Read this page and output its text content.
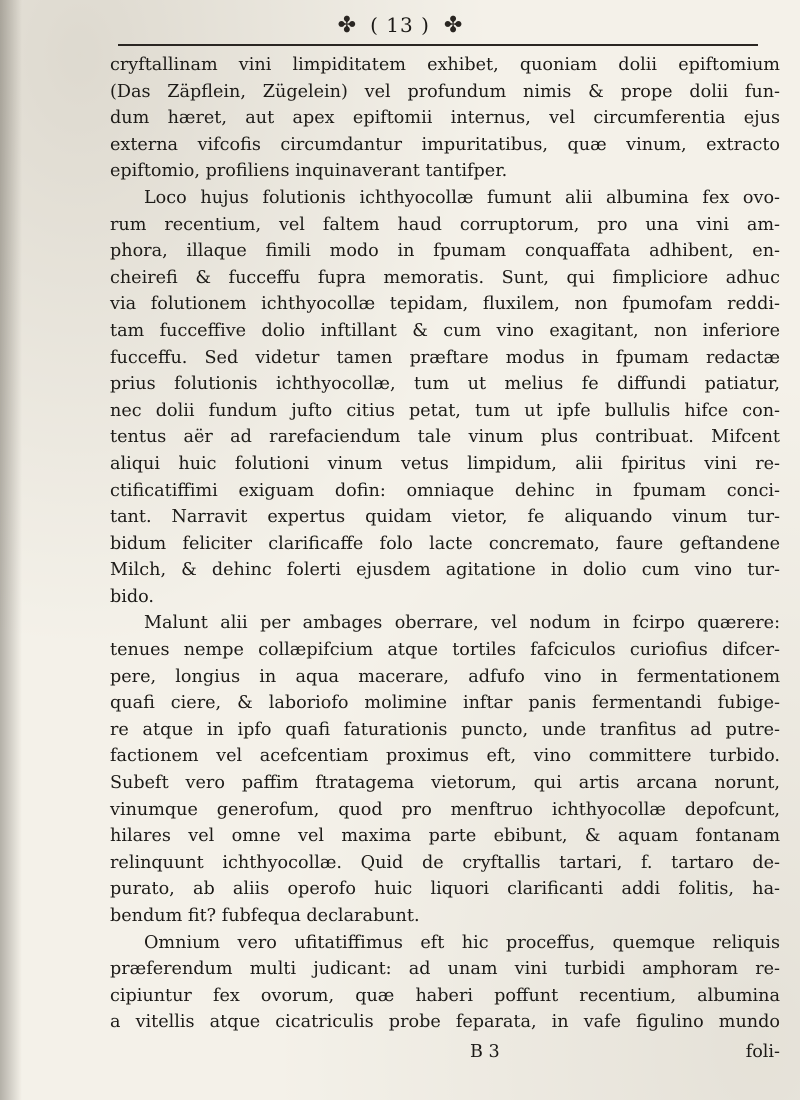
✤ ( 13 ) ✤
cryftallinam vini limpiditatem exhibet, quoniam dolii epiftomium
(Das Zäpflein, Zügelein) vel profundum nimis & prope dolii fun-
dum hæret, aut apex epiftomii internus, vel circumferentia ejus
externa vifcofis circumdantur impuritatibus, quæ vinum, extracto
epiftomio, profiliens inquinaverant tantifper.
Loco hujus folutionis ichthyocollæ fumunt alii albumina fex ovo-
rum recentium, vel faltem haud corruptorum, pro una vini am-
phora, illaque fimili modo in fpumam conquaffata adhibent, en-
cheirefi & fucceffu fupra memoratis. Sunt, qui fimpliciore adhuc
via folutionem ichthyocollæ tepidam, fluxilem, non fpumofam reddi-
tam fucceffive dolio inftillant & cum vino exagitant, non inferiore
fucceffu. Sed videtur tamen præftare modus in fpumam redactæ
prius folutionis ichthyocollæ, tum ut melius fe diffundi patiatur,
nec dolii fundum jufto citius petat, tum ut ipfe bullulis hifce con-
tentus aër ad rarefaciendum tale vinum plus contribuat. Mifcent
aliqui huic folutioni vinum vetus limpidum, alii fpiritus vini re-
ctificatiffimi exiguam dofin: omniaque dehinc in fpumam conci-
tant. Narravit expertus quidam vietor, fe aliquando vinum tur-
bidum feliciter clarificaffe folo lacte concremato, faure geftandene
Milch, & dehinc folerti ejusdem agitatione in dolio cum vino tur-
bido.
Malunt alii per ambages oberrare, vel nodum in fcirpo quærere:
tenues nempe collæpifcium atque tortiles fafciculos curiofius difcer-
pere, longius in aqua macerare, adfufo vino in fermentationem
quafi ciere, & laboriofo molimine inftar panis fermentandi fubige-
re atque in ipfo quafi faturationis puncto, unde tranfitus ad putre-
factionem vel acefcentiam proximus eft, vino committere turbido.
Subeft vero paffim ftratagema vietorum, qui artis arcana norunt,
vinumque generofum, quod pro menftruo ichthyocollæ depofcunt,
hilares vel omne vel maxima parte ebibunt, & aquam fontanam
relinquunt ichthyocollæ. Quid de cryftallis tartari, f. tartaro de-
purato, ab aliis operofo huic liquori clarificanti addi folitis, ha-
bendum fit? fubfequa declarabunt.
Omnium vero ufitatiffimus eft hic proceffus, quemque reliquis
præferendum multi judicant: ad unam vini turbidi amphoram re-
cipiuntur fex ovorum, quæ haberi poffunt recentium, albumina
a vitellis atque cicatriculis probe feparata, in vafe figulino mundo
B 3	foli-
